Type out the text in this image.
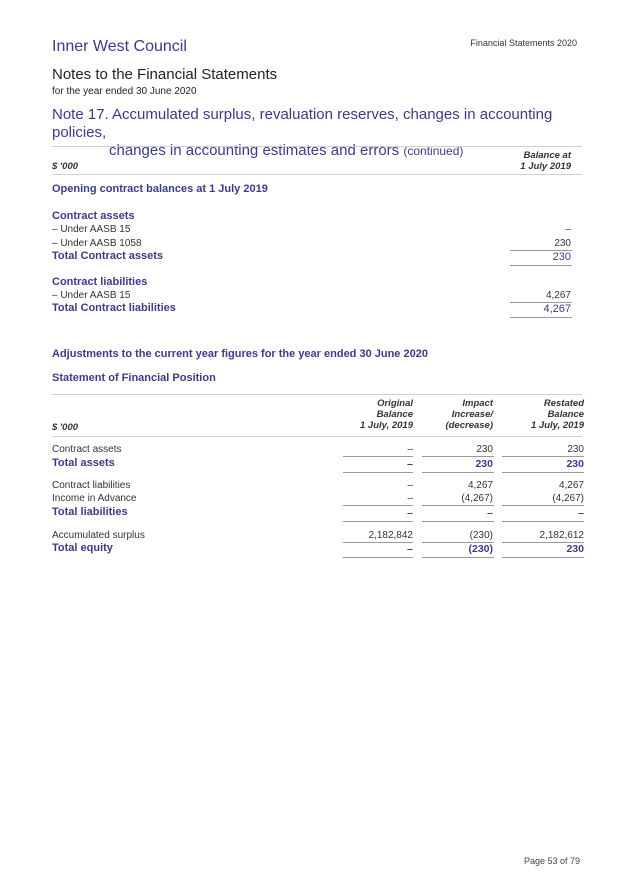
Inner West Council	Financial Statements 2020
Notes to the Financial Statements
for the year ended 30 June 2020
Note 17. Accumulated surplus, revaluation reserves, changes in accounting policies,
changes in accounting estimates and errors (continued)	Balance at
1 July 2019
$ '000
Opening contract balances at 1 July 2019
Contract assets
– Under AASB 15	–
– Under AASB 1058	230
Total Contract assets	230
Contract liabilities
– Under AASB 15	4,267
Total Contract liabilities	4,267
Adjustments to the current year figures for the year ended 30 June 2020
Statement of Financial Position
Original
Balance
1 July, 2019
Impact
Increase/
(decrease)
Restated
Balance
1 July, 2019
$ '000
Contract assets	–	230	230
Total assets	–	230	230
Contract liabilities	–	4,267	4,267
Income in Advance	–	(4,267)	(4,267)
Total liabilities	–	–	–
Accumulated surplus	2,182,842	(230)	2,182,612
Total equity	–	(230)	230
Page 53 of 79
